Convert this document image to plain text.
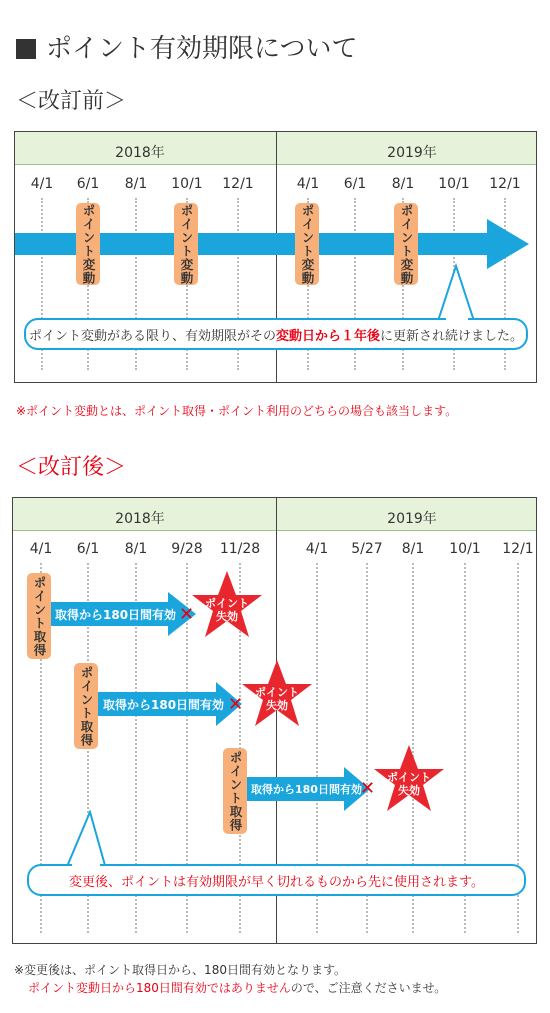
ポイント有効期限について
＜改訂前＞
2018年	2019年
4/1	6/1	8/1	10/1	12/1	4/1	6/1	8/1	10/1	12/1
ポイント変動	ポイント変動	ポイント変動	ポイント変動
ポイント変動がある限り、有効期限がその 変動日から１年後 に更新され続けました。
※ポイント変動とは、ポイント取得・ポイント利用のどちらの場合も該当します。
＜改訂後＞
2018年	2019年
4/1	6/1	8/1	9/28	11/28	4/1	5/27	8/1	10/1	12/1
取得から180日間有効
ポイント取得	✕
ポイント
失効
取得から180日間有効
ポイント取得	✕
ポイント
失効
取得から180日間有効
ポイント取得	✕
ポイント
失効
変更後、ポイントは有効期限が早く切れるものから先に使用されます。
※変更後は、ポイント取得日から、180日間有効となります。
ポイント変動日から180日間有効ではありませんので、ご注意くださいませ。
